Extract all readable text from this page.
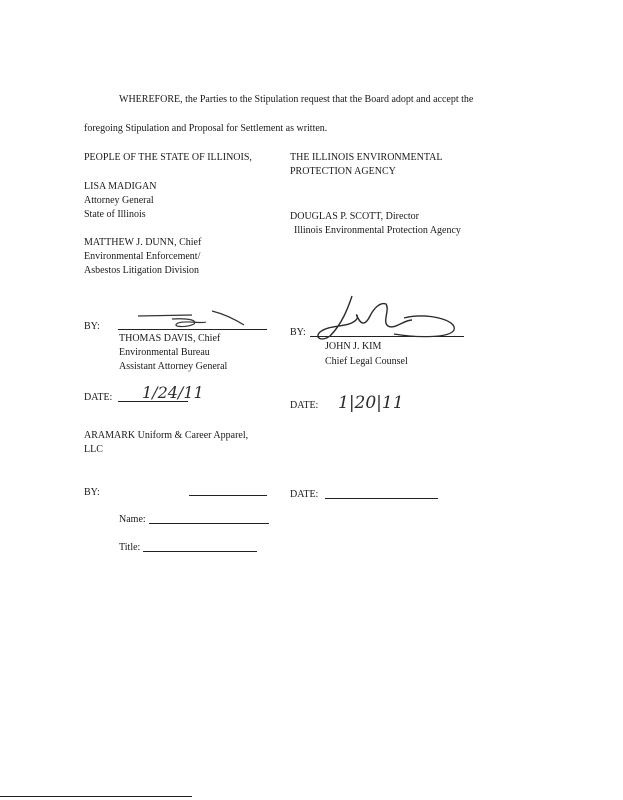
WHEREFORE, the Parties to the Stipulation request that the Board adopt and accept the
foregoing Stipulation and Proposal for Settlement as written.
PEOPLE OF THE STATE OF ILLINOIS,
LISA MADIGAN
Attorney General
State of Illinois
MATTHEW J. DUNN, Chief
Environmental Enforcement/
Asbestos Litigation Division
THE ILLINOIS ENVIRONMENTAL
PROTECTION AGENCY
DOUGLAS P. SCOTT, Director
Illinois Environmental Protection Agency
BY:
THOMAS DAVIS, Chief
Environmental Bureau
Assistant Attorney General
DATE: 1/24/11
BY:
JOHN J. KIM
Chief Legal Counsel
DATE: 1|20|11
ARAMARK Uniform & Career Apparel,
LLC
BY:	DATE:
Name:
Title:
